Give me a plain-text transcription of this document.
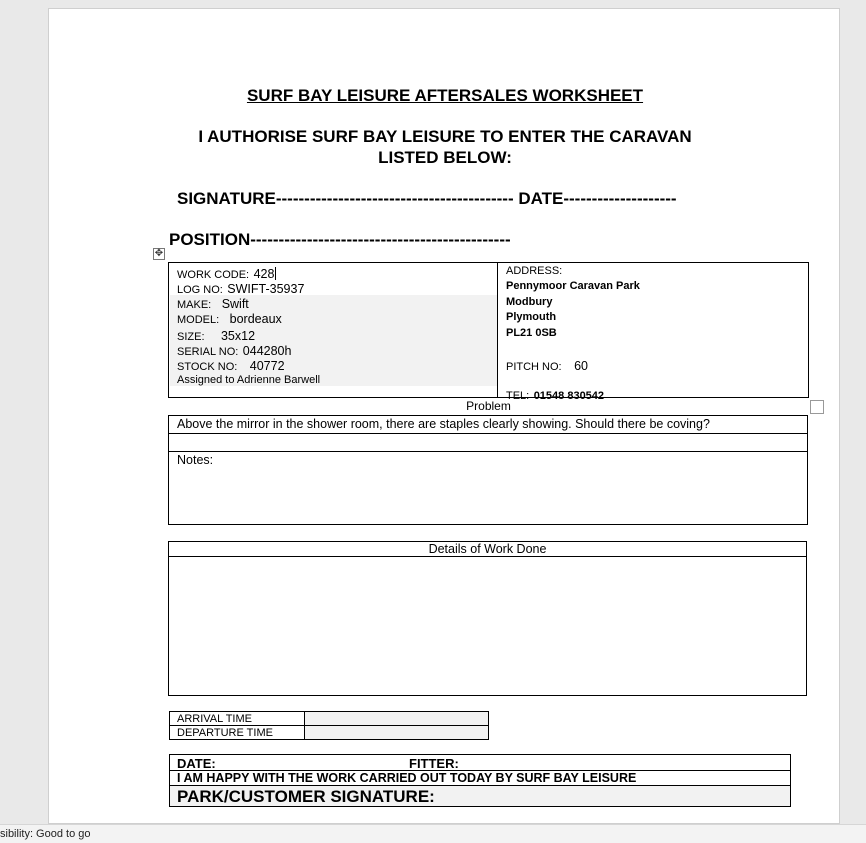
SURF BAY LEISURE AFTERSALES WORKSHEET
I AUTHORISE SURF BAY LEISURE TO ENTER THE CARAVAN
LISTED BELOW:
SIGNATURE------------------------------------------ DATE--------------------
POSITION----------------------------------------------
✥
WORK CODE: 428
LOG NO: SWIFT-35937
MAKE: Swift
MODEL: bordeaux
SIZE: 35x12
SERIAL NO: 044280h
STOCK NO: 40772
Assigned to Adrienne Barwell
ADDRESS:
Pennymoor Caravan Park
Modbury
Plymouth
PL21 0SB
PITCH NO: 60
TEL: 01548 830542
Problem
Above the mirror in the shower room, there are staples clearly showing. Should there be coving?
Notes:
Details of Work Done
ARRIVAL TIME
DEPARTURE TIME
DATE:	FITTER:
I AM HAPPY WITH THE WORK CARRIED OUT TODAY BY SURF BAY LEISURE
PARK/CUSTOMER SIGNATURE:
sibility: Good to go
